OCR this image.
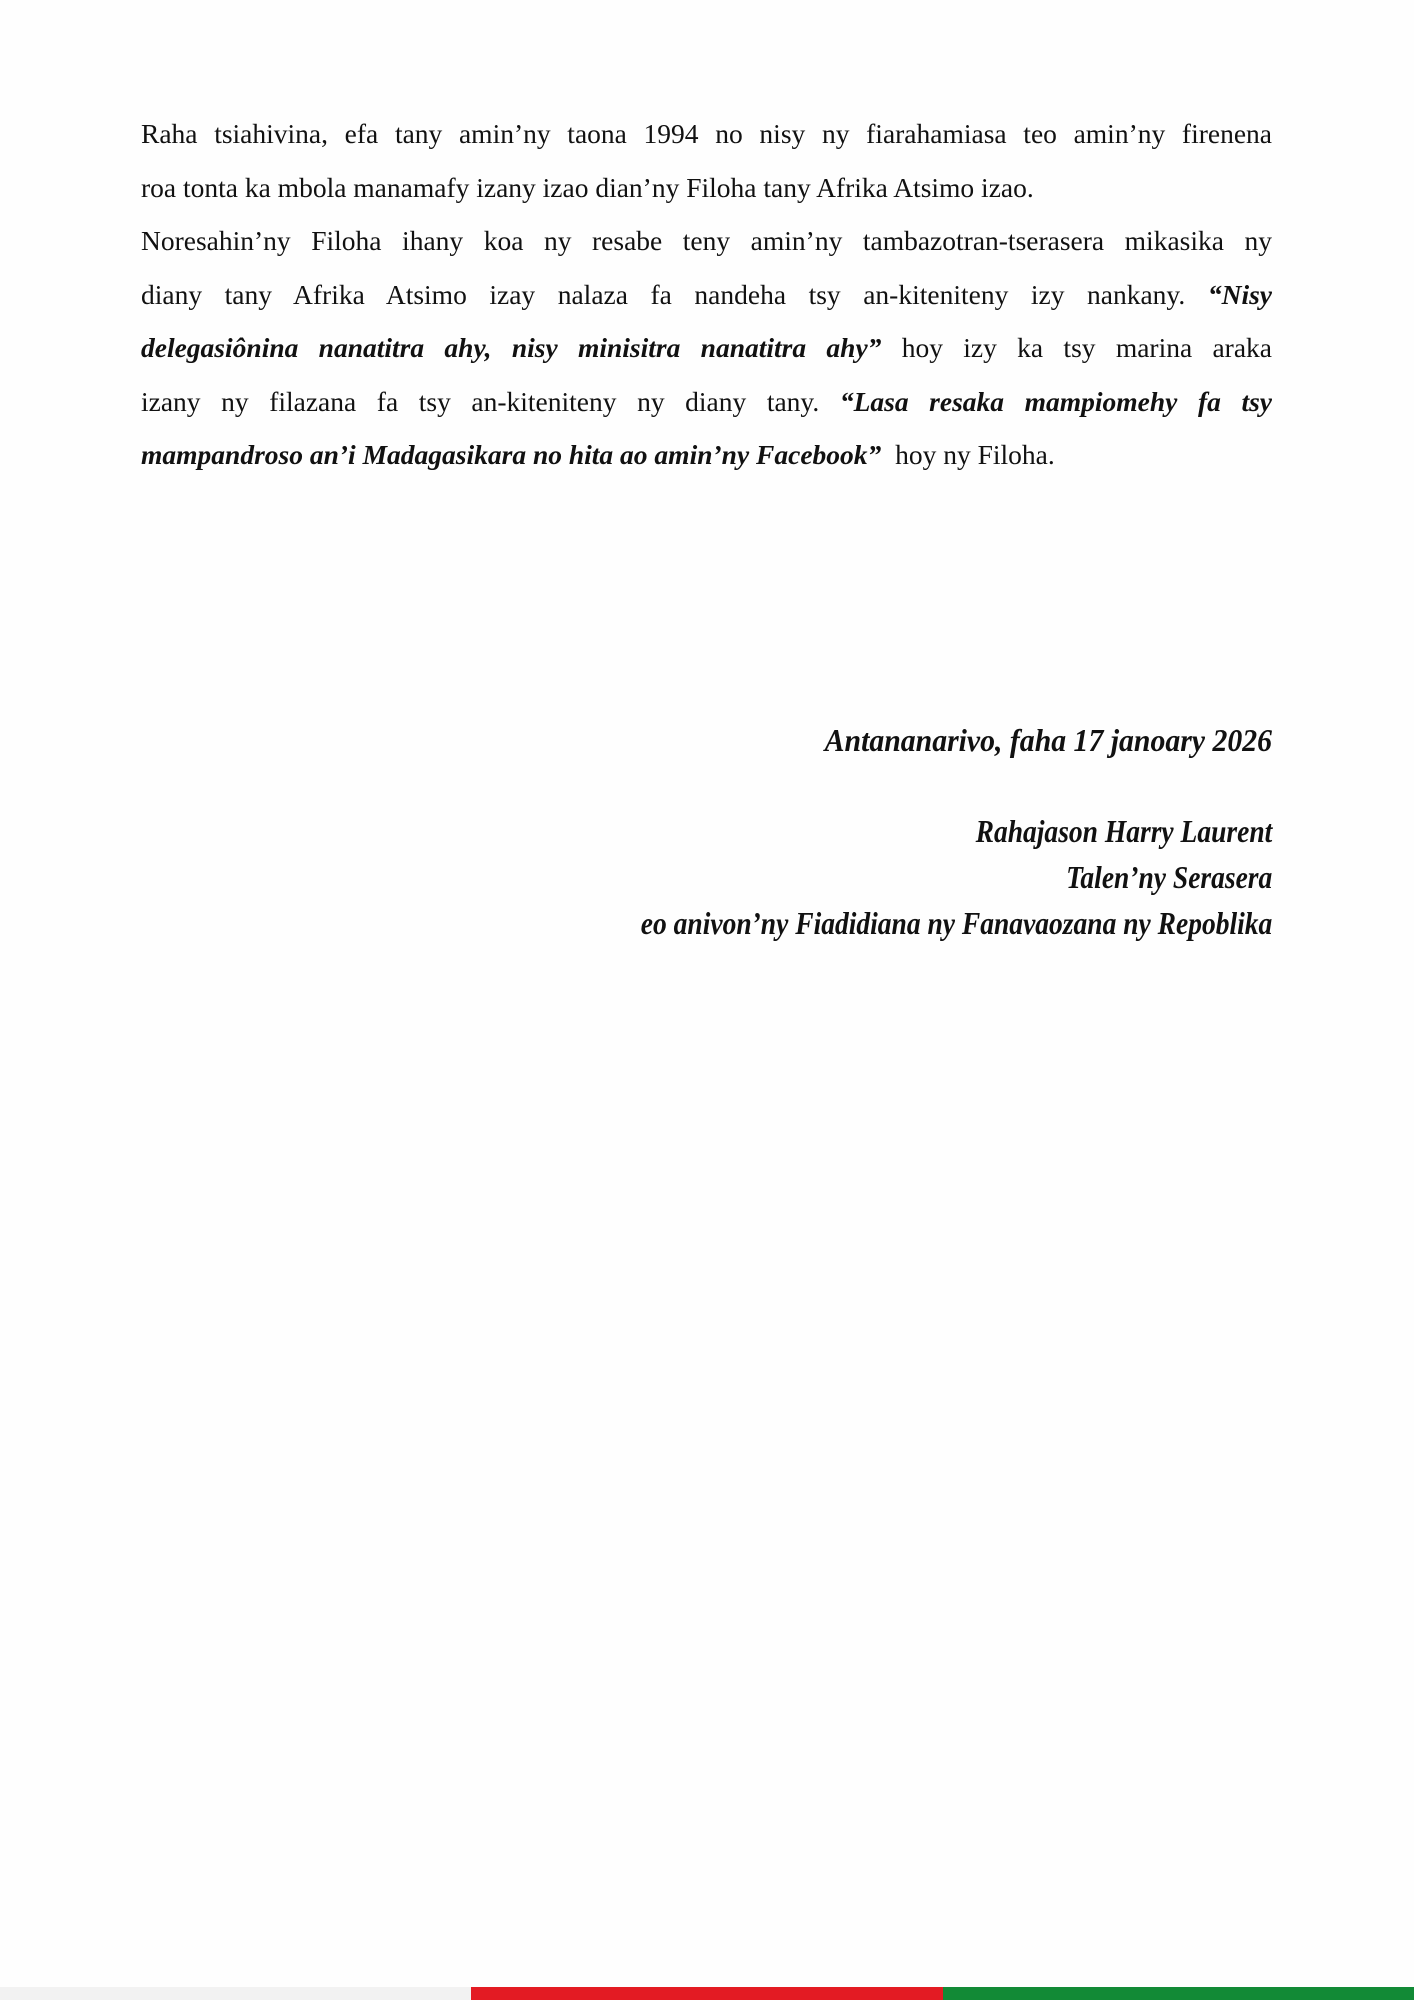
Raha tsiahivina, efa tany amin’ny taona 1994 no nisy ny fiarahamiasa teo amin’ny firenena
roa tonta ka mbola manamafy izany izao dian’ny Filoha tany Afrika Atsimo izao.
Noresahin’ny Filoha ihany koa ny resabe teny amin’ny tambazotran-tserasera mikasika ny
diany tany Afrika Atsimo izay nalaza fa nandeha tsy an-kiteniteny izy nankany. “Nisy
delegasiônina nanatitra ahy, nisy minisitra nanatitra ahy” hoy izy ka tsy marina araka
izany ny filazana fa tsy an-kiteniteny ny diany tany. “Lasa resaka mampiomehy fa tsy
mampandroso an’i Madagasikara no hita ao amin’ny Facebook” hoy ny Filoha.
Antananarivo, faha 17 janoary 2026
Rahajason Harry Laurent
Talen’ny Serasera
eo anivon’ny Fiadidiana ny Fanavaozana ny Repoblika
